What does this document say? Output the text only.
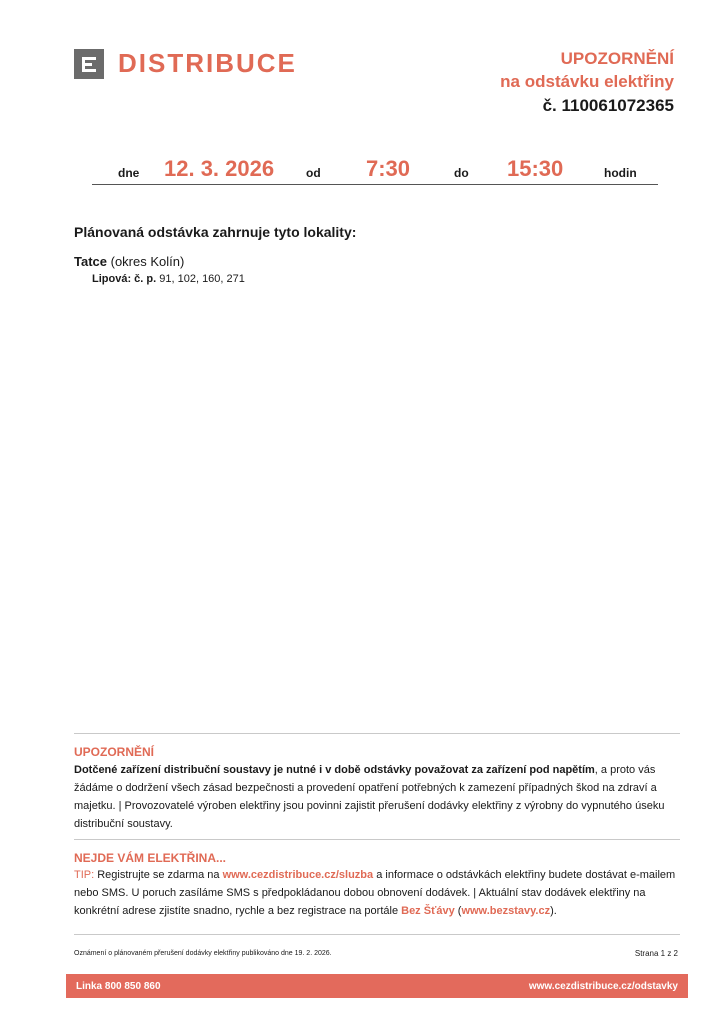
DISTRIBUCE	UPOZORNĚNÍ
na odstávku elektřiny
č. 110061072365
dne 12. 3. 2026	od 7:30	do 15:30	hodin
Plánovaná odstávka zahrnuje tyto lokality:
Tatce (okres Kolín)
Lipová: č. p. 91, 102, 160, 271
UPOZORNĚNÍ
Dotčené zařízení distribuční soustavy je nutné i v době odstávky považovat za zařízení pod napětím, a proto vás žádáme o dodržení všech zásad bezpečnosti a provedení opatření potřebných k zamezení případných škod na zdraví a majetku. | Provozovatelé výroben elektřiny jsou povinni zajistit přerušení dodávky elektřiny z výrobny do vypnutého úseku distribuční soustavy.
NEJDE VÁM ELEKTŘINA...
TIP: Registrujte se zdarma na www.cezdistribuce.cz/sluzba a informace o odstávkách elektřiny budete dostávat e-mailem nebo SMS. U poruch zasíláme SMS s předpokládanou dobou obnovení dodávek. | Aktuální stav dodávek elektřiny na konkrétní adrese zjistíte snadno, rychle a bez registrace na portále Bez Šťávy (www.bezstavy.cz).
Oznámení o plánovaném přerušení dodávky elektřiny publikováno dne 19. 2. 2026.	Strana 1 z 2
Linka 800 850 860	www.cezdistribuce.cz/odstavky
